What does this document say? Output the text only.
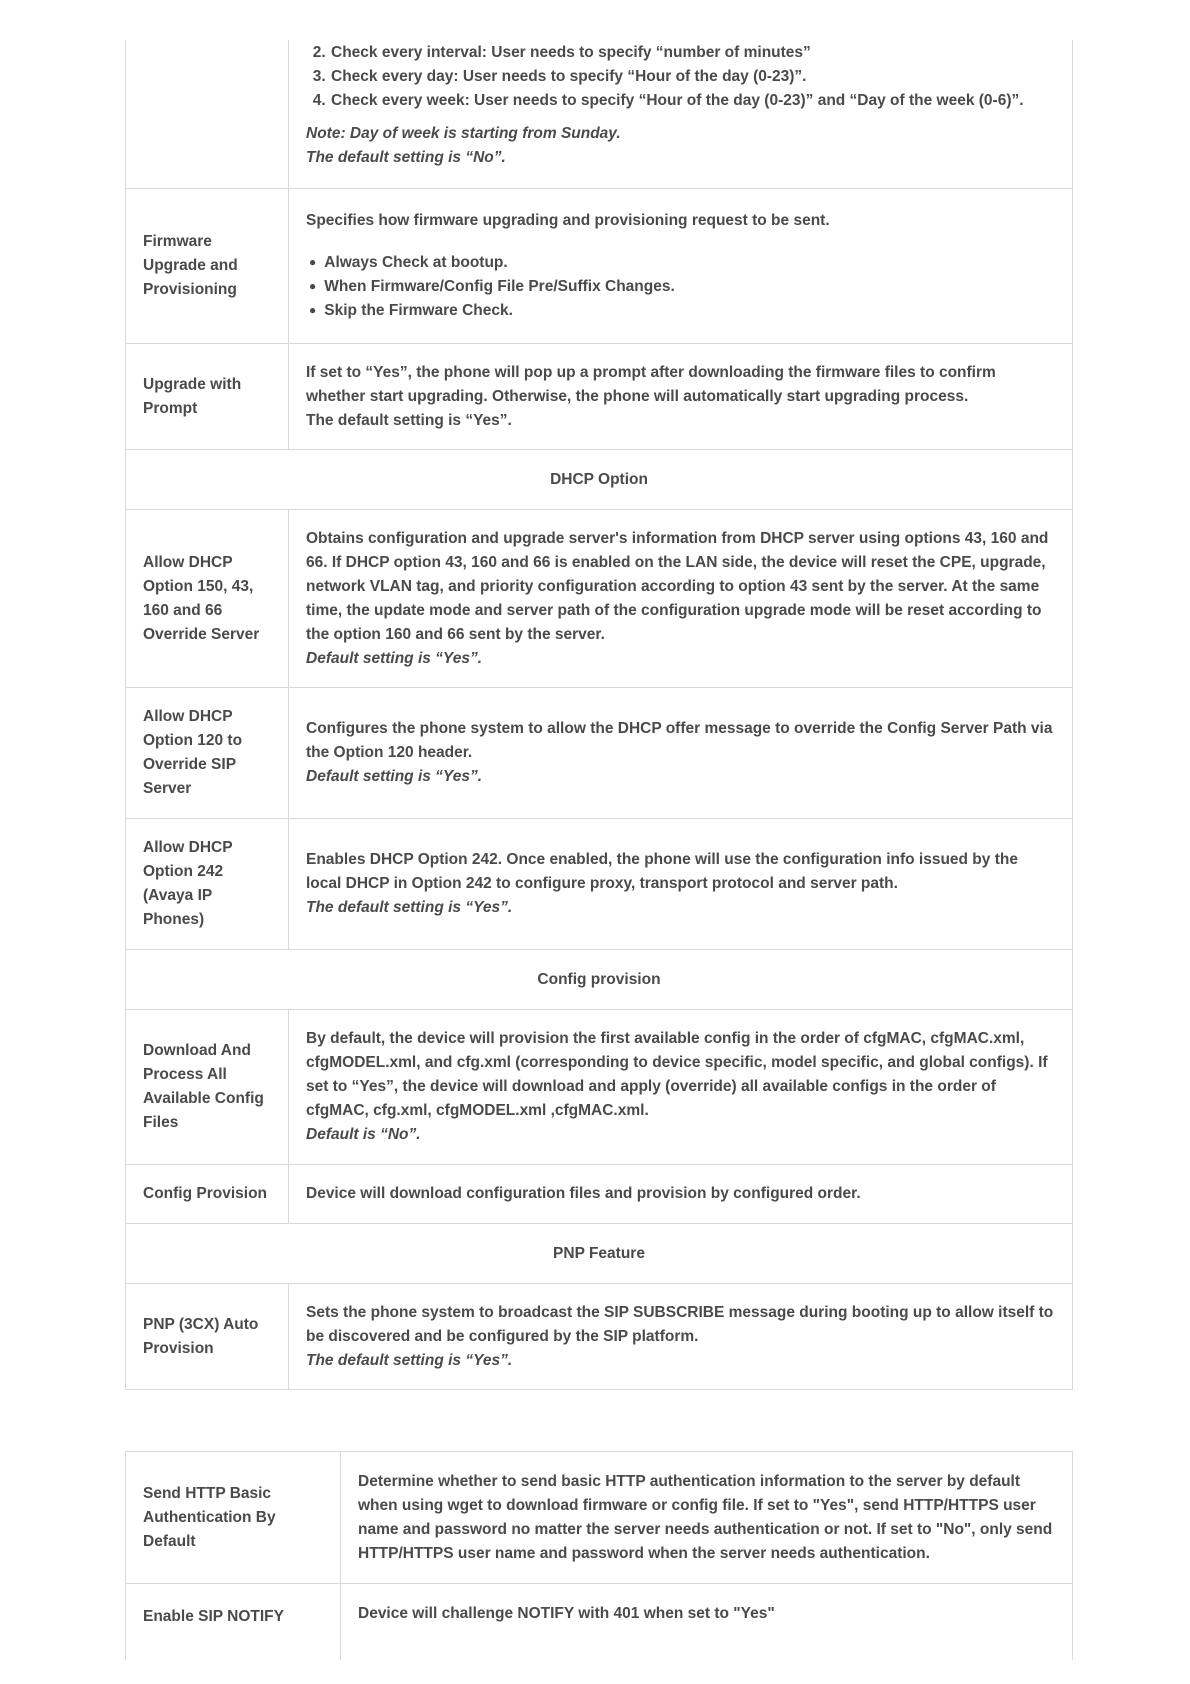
2. Check every interval: User needs to specify “number of minutes”
3. Check every day: User needs to specify “Hour of the day (0-23)”.
4. Check every week: User needs to specify “Hour of the day (0-23)” and “Day of the week (0-6)”.

Note: Day of week is starting from Sunday.

The default setting is “No”.

Firmware Upgrade and Provisioning

Specifies how firmware upgrading and provisioning request to be sent.

● Always Check at bootup.
● When Firmware/Config File Pre/Suffix Changes.
● Skip the Firmware Check.
Upgrade with Prompt

If set to “Yes”, the phone will pop up a prompt after downloading the firmware files to confirm whether start upgrading. Otherwise, the phone will automatically start upgrading process.

The default setting is “Yes”.

DHCP Option
Allow DHCP Option 150, 43, 160 and 66 Override Server

Obtains configuration and upgrade server's information from DHCP server using options 43, 160 and 66. If DHCP option 43, 160 and 66 is enabled on the LAN side, the device will reset the CPE, upgrade, network VLAN tag, and priority configuration according to option 43 sent by the server. At the same time, the update mode and server path of the configuration upgrade mode will be reset according to the option 160 and 66 sent by the server.

Default setting is “Yes”.

Allow DHCP Option 120 to Override SIP Server

Configures the phone system to allow the DHCP offer message to override the Config Server Path via the Option 120 header.

Default setting is “Yes”.

Allow DHCP Option 242 (Avaya IP Phones)

Enables DHCP Option 242. Once enabled, the phone will use the configuration info issued by the local DHCP in Option 242 to configure proxy, transport protocol and server path.

The default setting is “Yes”.

Config provision
Download And Process All Available Config Files

By default, the device will provision the first available config in the order of cfgMAC, cfgMAC.xml, cfgMODEL.xml, and cfg.xml (corresponding to device specific, model specific, and global configs). If set to “Yes”, the device will download and apply (override) all available configs in the order of cfgMAC, cfg.xml, cfgMODEL.xml ,cfgMAC.xml.

Default is “No”.

Config Provision	Device will download configuration files and provision by configured order.

PNP Feature
PNP (3CX) Auto Provision

Sets the phone system to broadcast the SIP SUBSCRIBE message during booting up to allow itself to be discovered and be configured by the SIP platform.

The default setting is “Yes”.

Send HTTP Basic Authentication By Default

Determine whether to send basic HTTP authentication information to the server by default when using wget to download firmware or config file. If set to "Yes", send HTTP/HTTPS user name and password no matter the server needs authentication or not. If set to "No", only send HTTP/HTTPS user name and password when the server needs authentication.

Enable SIP NOTIFY	Device will challenge NOTIFY with 401 when set to "Yes"
